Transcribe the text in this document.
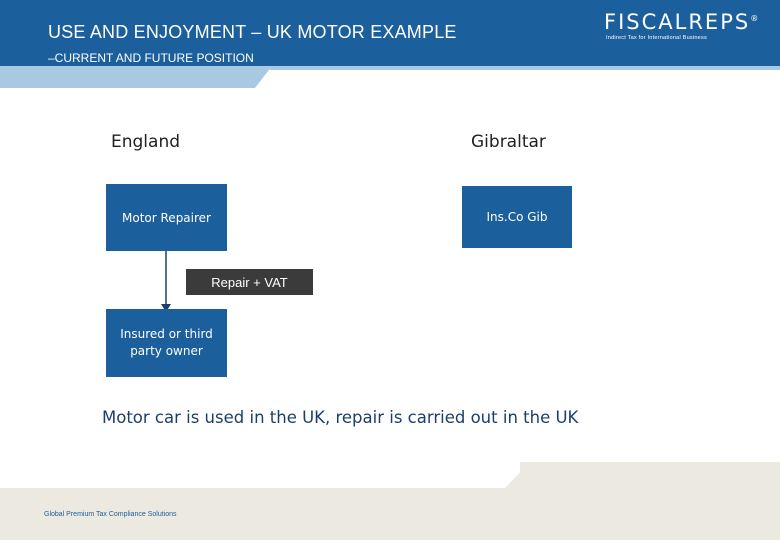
USE AND ENJOYMENT – UK MOTOR EXAMPLE
–CURRENT AND FUTURE POSITION
FISCALREPS®
Indirect Tax for International Business
England	Gibraltar
Motor Repairer	Ins.Co Gib
Repair + VAT
Insured or third party owner
Motor car is used in the UK, repair is carried out in the UK
Global Premium Tax Compliance Solutions
